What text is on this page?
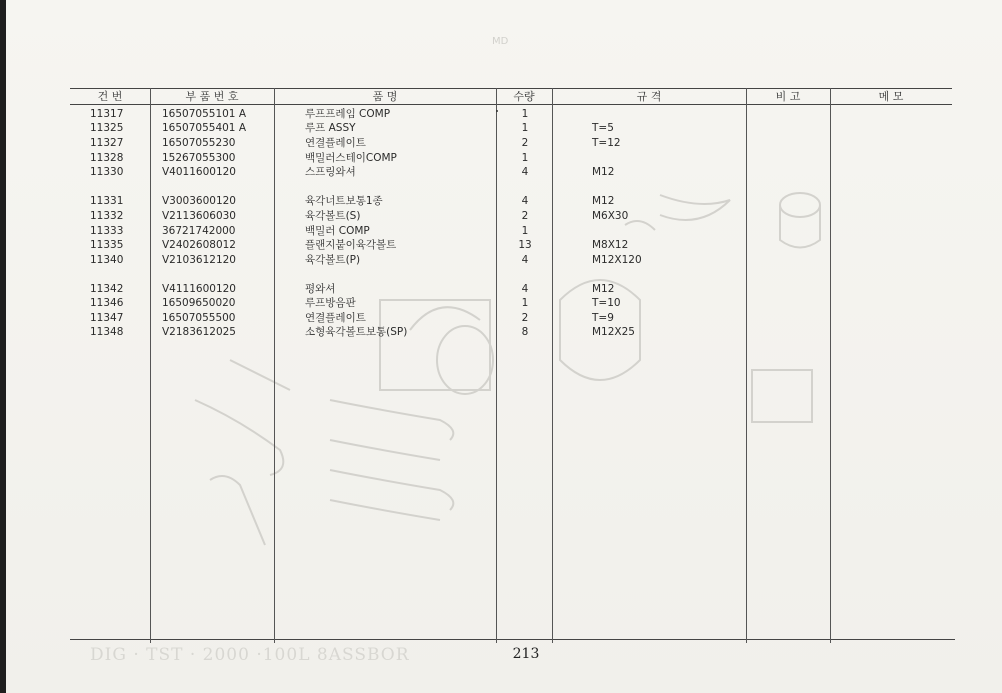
MD
DIG · TST · 2000 ·100L 8ASSBOR
건 번	부 품 번 호	품 명	수량	규 격	비 고	메 모
11317	16507055101 A	루프프레임 COMP	1
11325	16507055401 A	루프 ASSY	1	T=5
11327	16507055230	연결플레이트	2	T=12
11328	15267055300	백밀러스테이COMP	1
11330	V4011600120	스프링와셔	4	M12
11331	V3003600120	육각너트보통1종	4	M12
11332	V2113606030	육각볼트(S)	2	M6X30
11333	36721742000	백밀러 COMP	1
11335	V2402608012	플랜지붙이육각볼트	13	M8X12
11340	V2103612120	육각볼트(P)	4	M12X120
11342	V4111600120	평와셔	4	M12
11346	16509650020	루프방음판	1	T=10
11347	16507055500	연결플레이트	2	T=9
11348	V2183612025	소형육각볼트보통(SP)	8	M12X25
213
